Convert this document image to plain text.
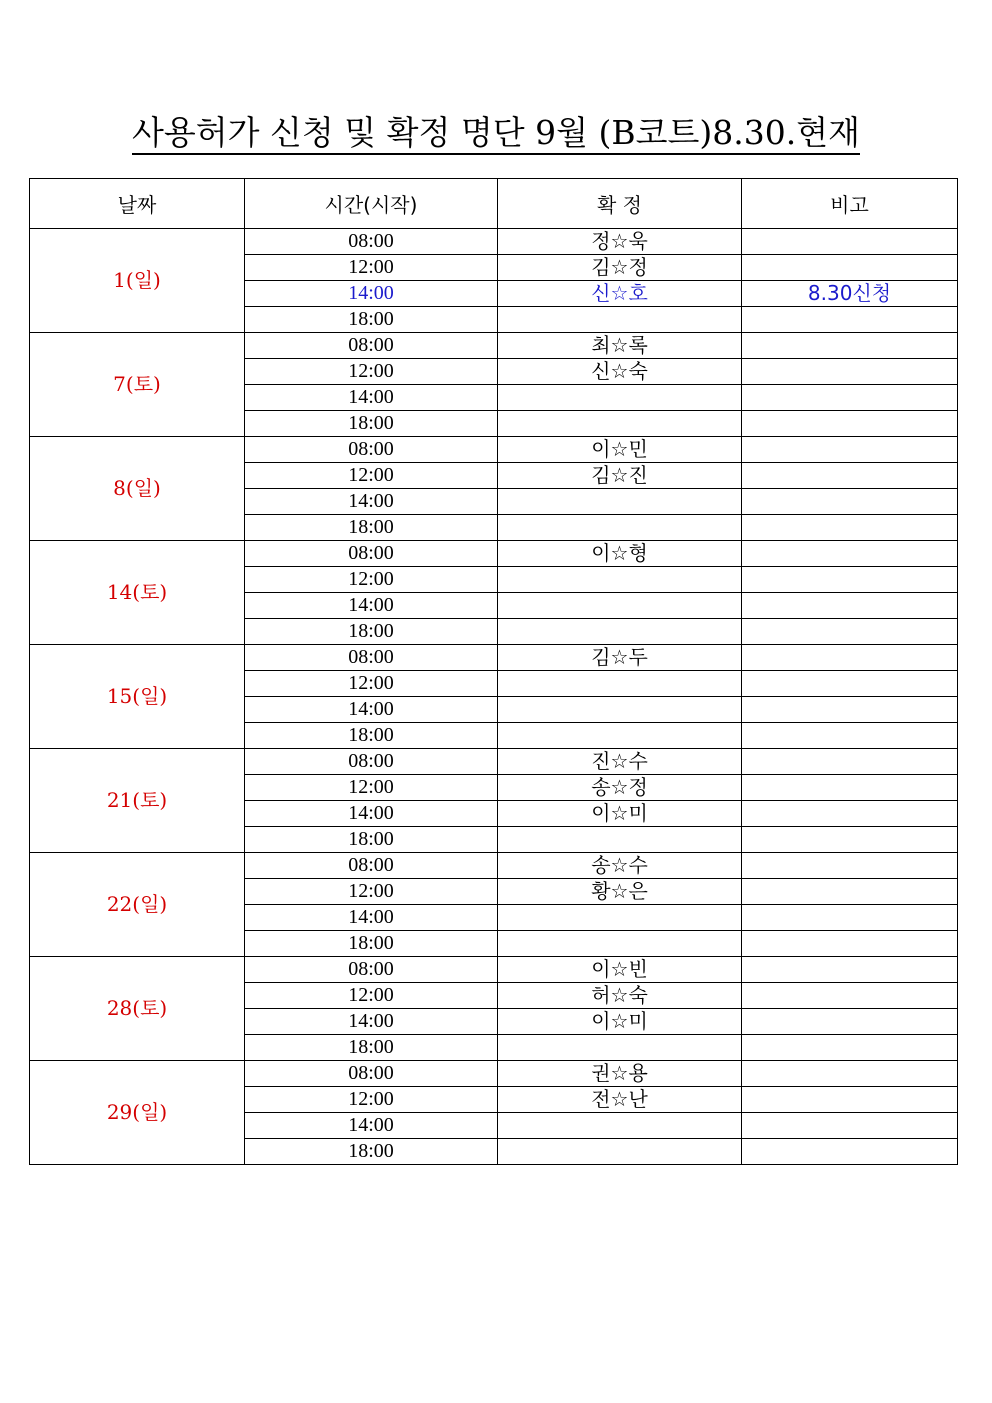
사용허가 신청 및 확정 명단 9월 (B코트)8.30.현재
날짜	시간(시작)	확 정	비고
1(일)	08:00	정☆욱	
	12:00	김☆정	
	14:00	신☆호	8.30신청
	18:00		
7(토)	08:00	최☆록	
	12:00	신☆숙	
	14:00		
	18:00		
8(일)	08:00	이☆민	
	12:00	김☆진	
	14:00		
	18:00		
14(토)	08:00	이☆형	
	12:00		
	14:00		
	18:00		
15(일)	08:00	김☆두	
	12:00		
	14:00		
	18:00		
21(토)	08:00	진☆수	
	12:00	송☆정	
	14:00	이☆미	
	18:00		
22(일)	08:00	송☆수	
	12:00	황☆은	
	14:00		
	18:00		
28(토)	08:00	이☆빈	
	12:00	허☆숙	
	14:00	이☆미	
	18:00		
29(일)	08:00	권☆용	
	12:00	전☆난	
	14:00		
	18:00		
